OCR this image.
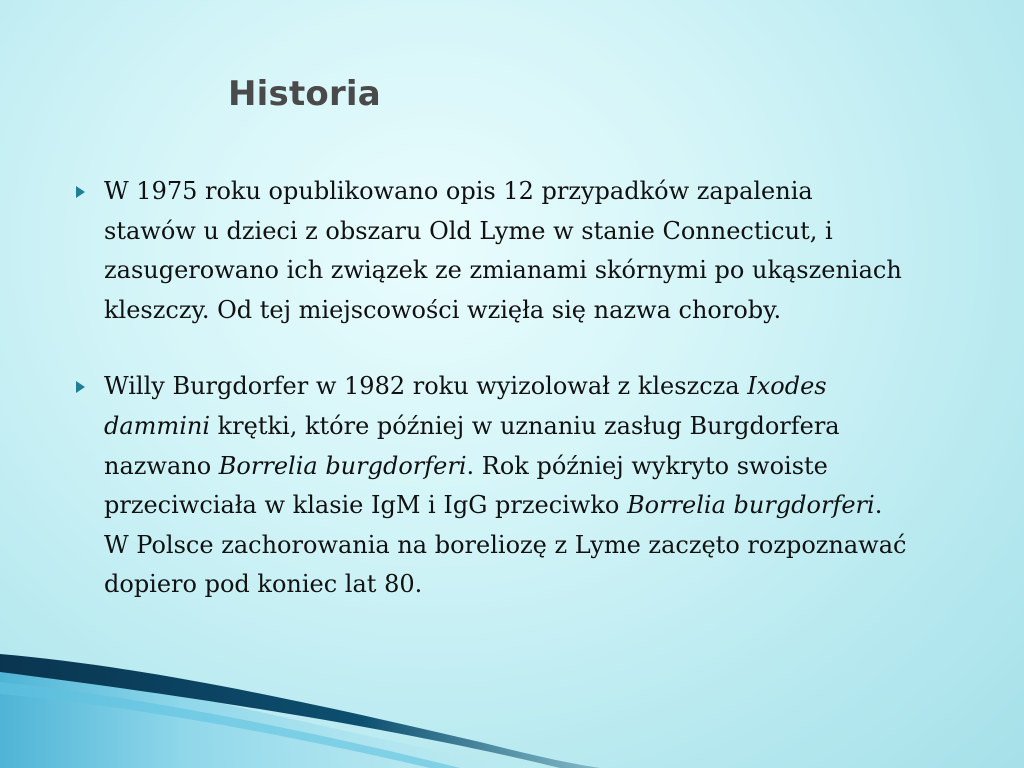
Historia

W 1975 roku opublikowano opis 12 przypadków zapalenia stawów u dzieci z obszaru Old Lyme w stanie Connecticut, i zasugerowano ich związek ze zmianami skórnymi po ukąszeniach kleszczy. Od tej miejscowości wzięła się nazwa choroby.

Willy Burgdorfer w 1982 roku wyizolował z kleszcza Ixodes dammini krętki, które później w uznaniu zasług Burgdorfera nazwano Borrelia burgdorferi. Rok później wykryto swoiste przeciwciała w klasie IgM i IgG przeciwko Borrelia burgdorferi. W Polsce zachorowania na boreliozę z Lyme zaczęto rozpoznawać dopiero pod koniec lat 80.
